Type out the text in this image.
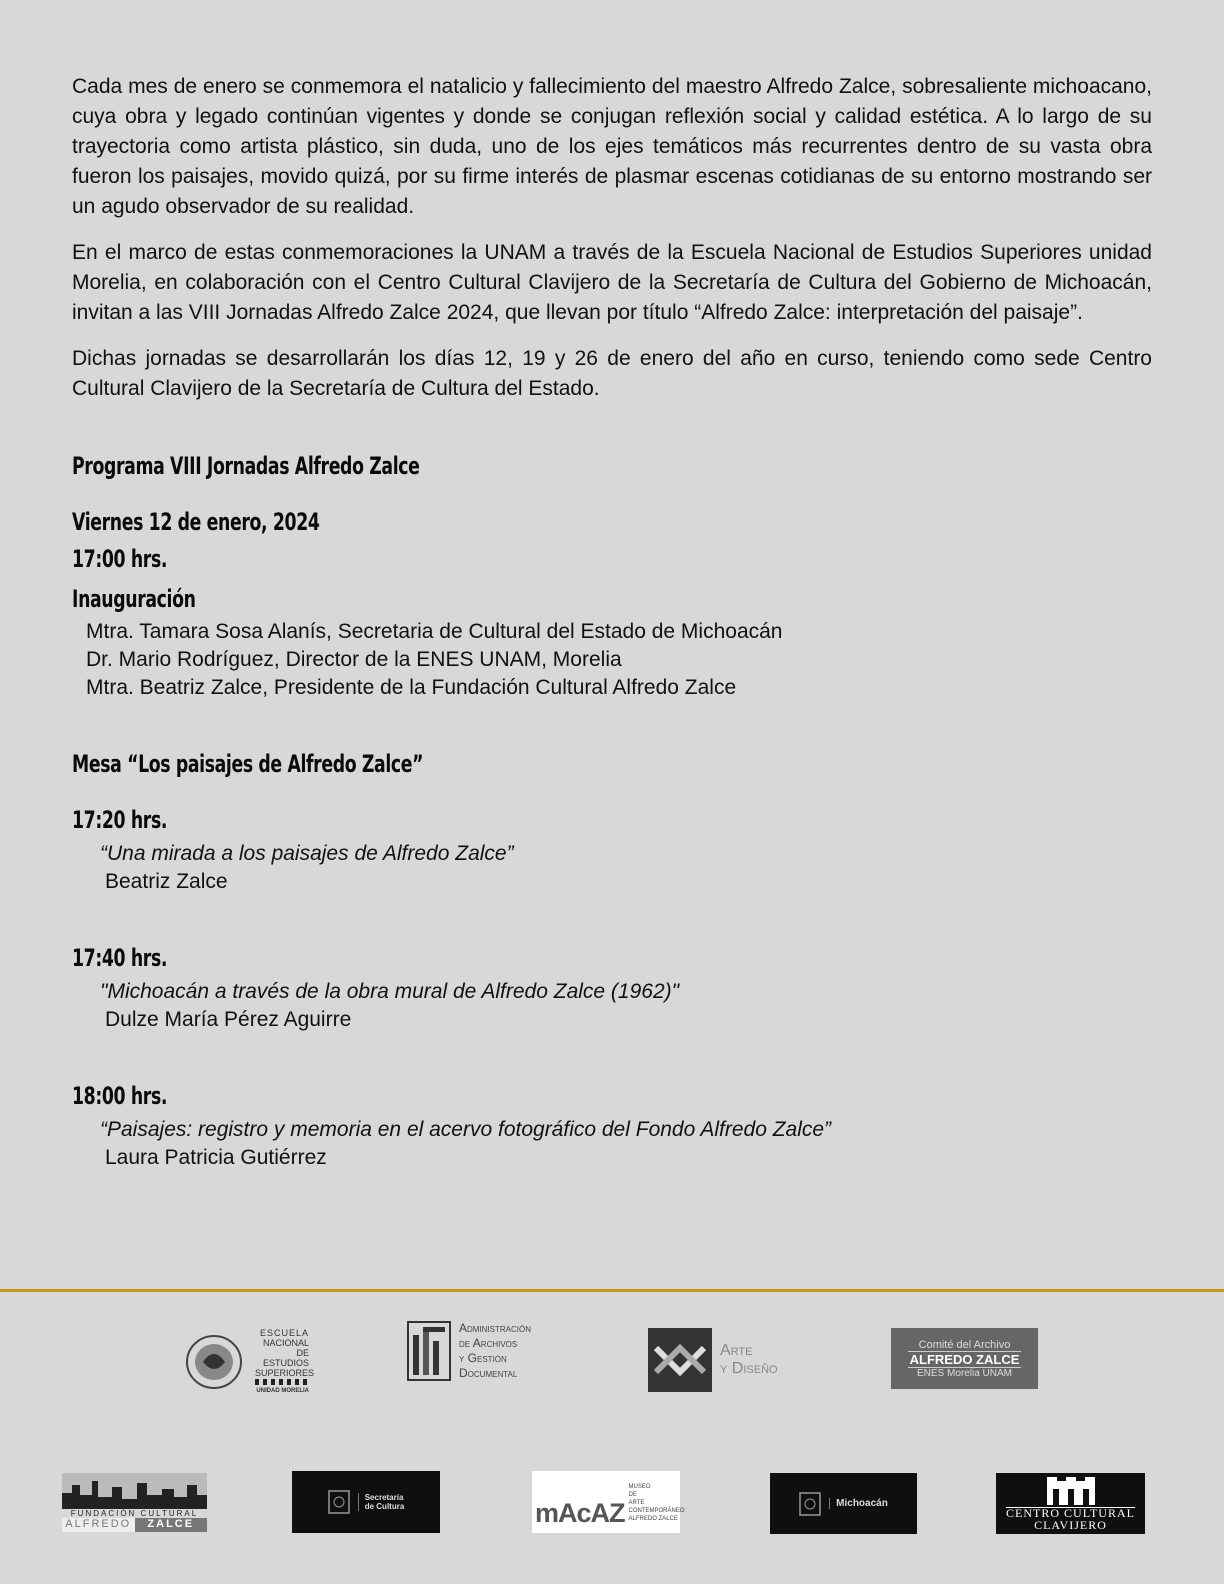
Cada mes de enero se conmemora el natalicio y fallecimiento del maestro Alfredo Zalce, sobresaliente michoacano, cuya obra y legado continúan vigentes y donde se conjugan reflexión social y calidad estética. A lo largo de su trayectoria como artista plástico, sin duda, uno de los ejes temáticos más recurrentes dentro de su vasta obra fueron los paisajes, movido quizá, por su firme interés de plasmar escenas cotidianas de su entorno mostrando ser un agudo observador de su realidad.

En el marco de estas conmemoraciones la UNAM a través de la Escuela Nacional de Estudios Superiores unidad Morelia, en colaboración con el Centro Cultural Clavijero de la Secretaría de Cultura del Gobierno de Michoacán, invitan a las VIII Jornadas Alfredo Zalce 2024, que llevan por título “Alfredo Zalce: interpretación del paisaje”.

Dichas jornadas se desarrollarán los días 12, 19 y 26 de enero del año en curso, teniendo como sede Centro Cultural Clavijero de la Secretaría de Cultura del Estado.

Programa VIII Jornadas Alfredo Zalce
Viernes 12 de enero, 2024
17:00 hrs.
Inauguración
Mtra. Tamara Sosa Alanís, Secretaria de Cultural del Estado de Michoacán
Dr. Mario Rodríguez, Director de la ENES UNAM, Morelia
Mtra. Beatriz Zalce, Presidente de la Fundación Cultural Alfredo Zalce
Mesa “Los paisajes de Alfredo Zalce”
17:20 hrs.
“Una mirada a los paisajes de Alfredo Zalce”
Beatriz Zalce
17:40 hrs.
"Michoacán a través de la obra mural de Alfredo Zalce (1962)"
Dulze María Pérez Aguirre
18:00 hrs.
“Paisajes: registro y memoria en el acervo fotográfico del Fondo Alfredo Zalce”
Laura Patricia Gutiérrez
ESCUELA
NACIONAL
DE ESTUDIOS
SUPERIORES
UNIDAD MORELIA
Administración
de Archivos
y Gestión
Documental
Arte
y Diseño
Comité del Archivo
ALFREDO ZALCE
ENES Morelia UNAM
FUNDACIÓN CULTURAL
ALFREDO	ZALCE
Secretaría
de Cultura	mAcAZ
MUSEO
DE
ARTE
CONTEMPORÁNEO
ALFREDO ZALCE
Michoacán
CENTRO CULTURAL
CLAVIJERO
